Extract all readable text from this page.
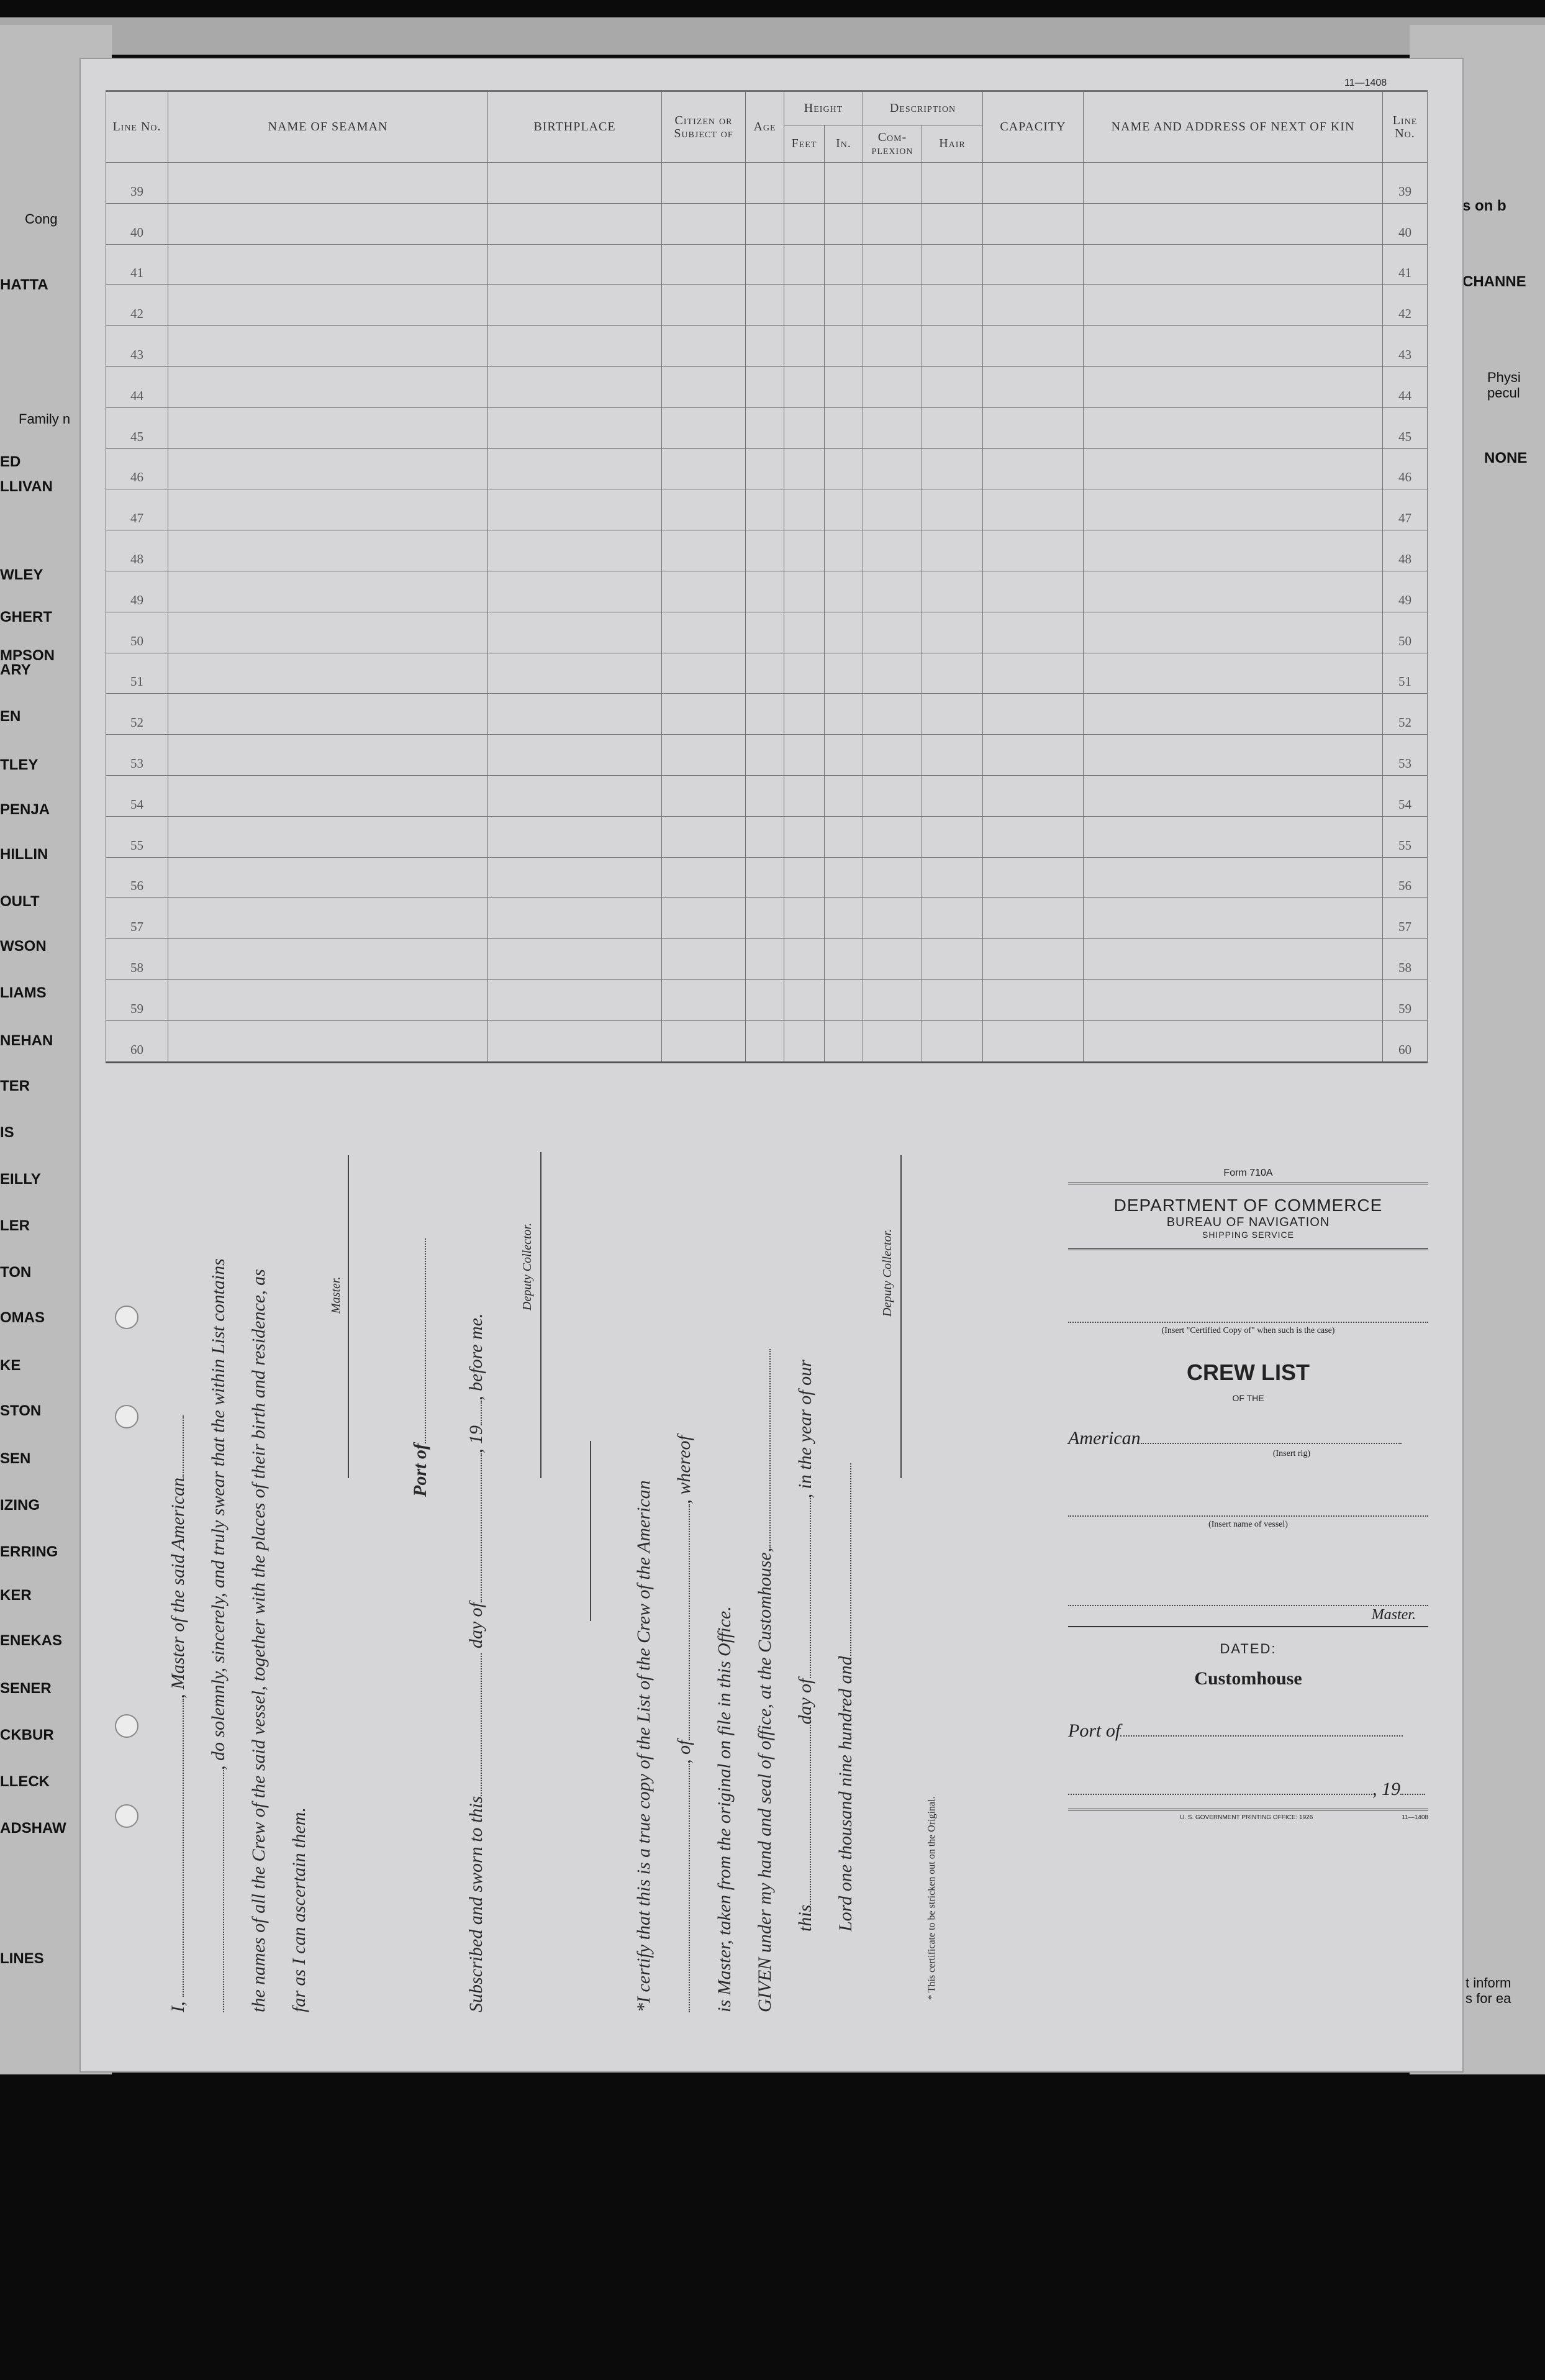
Cong
HATTA
Family n
ED
LLIVAN
WLEY
GHERT
MPSON
ARY
EN
TLEY
PENJA
HILLIN
OULT
WSON
LIAMS
NEHAN
TER
IS
EILLY
LER
TON
OMAS
KE
STON
SEN
IZING
ERRING
KER
ENEKAS
SENER
CKBUR
LLECK
ADSHAW
LINES
s on b
CHANNE
Physi
pecul
NONE
t inform
s for ea
11—1408
Line No.	NAME OF SEAMAN	BIRTHPLACE	Citizen or Subject of	Age	Height		Description		CAPACITY	NAME AND ADDRESS OF NEXT OF KIN	Line No.
					Feet	In.	Com- plexion	Hair			
39											39
40											40
41											41
42											42
43											43
44											44
45											45
46											46
47											47
48											48
49											49
50											50
51											51
52											52
53											53
54											54
55											55
56											56
57											57
58											58
59											59
60											60
I, , Master of the said American , do solemnly, sincerely, and truly swear that the within List contains the names of all the Crew of the said vessel, together with the places of their birth and residence, as far as I can ascertain them.
Master.
Port of
Subscribed and sworn to this day of, 19, before me.
Deputy Collector.
*I certify that this is a true copy of the List of the Crew of the American , of, whereof
is Master, taken from the original on file in this Office. GIVEN under my hand and seal of office, at the Customhouse, thisday of, in the year of our
Lord one thousand nine hundred and
Deputy Collector.
* This certificate to be stricken out on the Original.
Form 710A
DEPARTMENT OF COMMERCE
BUREAU OF NAVIGATION
SHIPPING SERVICE
(Insert "Certified Copy of" when such is the case)
CREW LIST
OF THE
American
(Insert rig)
(Insert name of vessel)
Master.
DATED:
Customhouse
Port of
, 19
U. S. GOVERNMENT PRINTING OFFICE: 1926	11—1408
